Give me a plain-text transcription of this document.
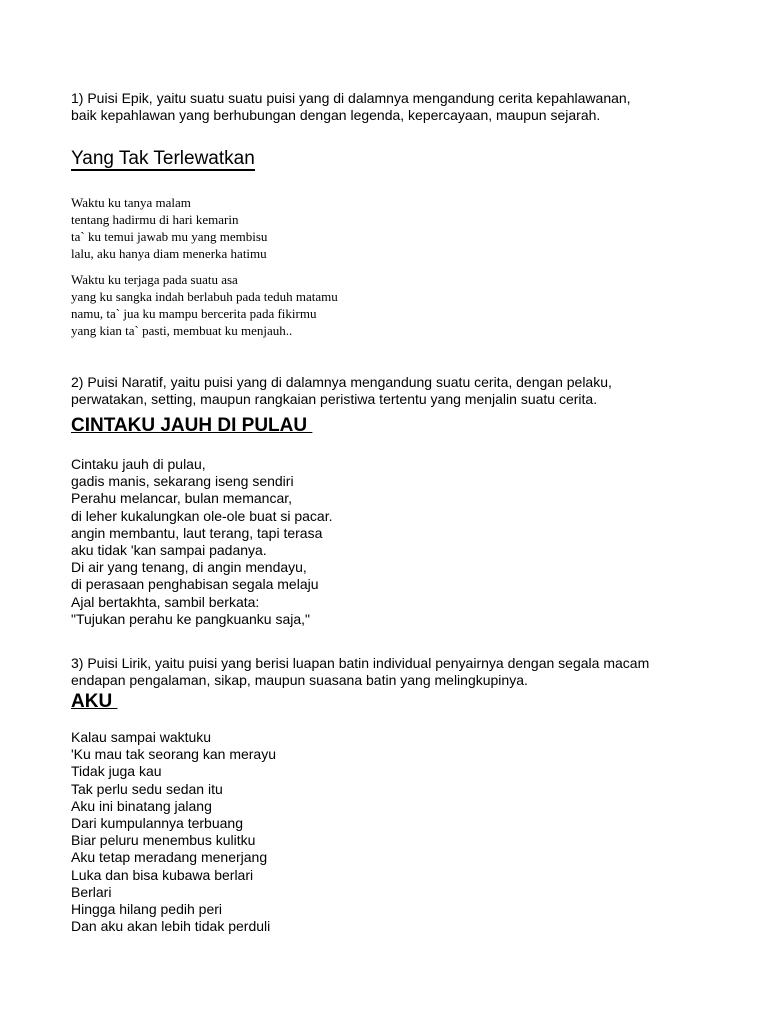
1) Puisi Epik, yaitu suatu suatu puisi yang di dalamnya mengandung cerita kepahlawanan,
baik kepahlawan yang berhubungan dengan legenda, kepercayaan, maupun sejarah.
Yang Tak Terlewatkan
Waktu ku tanya malam
tentang hadirmu di hari kemarin
ta` ku temui jawab mu yang membisu
lalu, aku hanya diam menerka hatimu
Waktu ku terjaga pada suatu asa
yang ku sangka indah berlabuh pada teduh matamu
namu, ta` jua ku mampu bercerita pada fikirmu
yang kian ta` pasti, membuat ku menjauh..
2) Puisi Naratif, yaitu puisi yang di dalamnya mengandung suatu cerita, dengan pelaku,
perwatakan, setting, maupun rangkaian peristiwa tertentu yang menjalin suatu cerita.
CINTAKU JAUH DI PULAU
Cintaku jauh di pulau,
gadis manis, sekarang iseng sendiri
Perahu melancar, bulan memancar,
di leher kukalungkan ole-ole buat si pacar.
angin membantu, laut terang, tapi terasa
aku tidak 'kan sampai padanya.
Di air yang tenang, di angin mendayu,
di perasaan penghabisan segala melaju
Ajal bertakhta, sambil berkata:
"Tujukan perahu ke pangkuanku saja,"
3) Puisi Lirik, yaitu puisi yang berisi luapan batin individual penyairnya dengan segala macam
endapan pengalaman, sikap, maupun suasana batin yang melingkupinya.
AKU
Kalau sampai waktuku
'Ku mau tak seorang kan merayu
Tidak juga kau
Tak perlu sedu sedan itu
Aku ini binatang jalang
Dari kumpulannya terbuang
Biar peluru menembus kulitku
Aku tetap meradang menerjang
Luka dan bisa kubawa berlari
Berlari
Hingga hilang pedih peri
Dan aku akan lebih tidak perduli
